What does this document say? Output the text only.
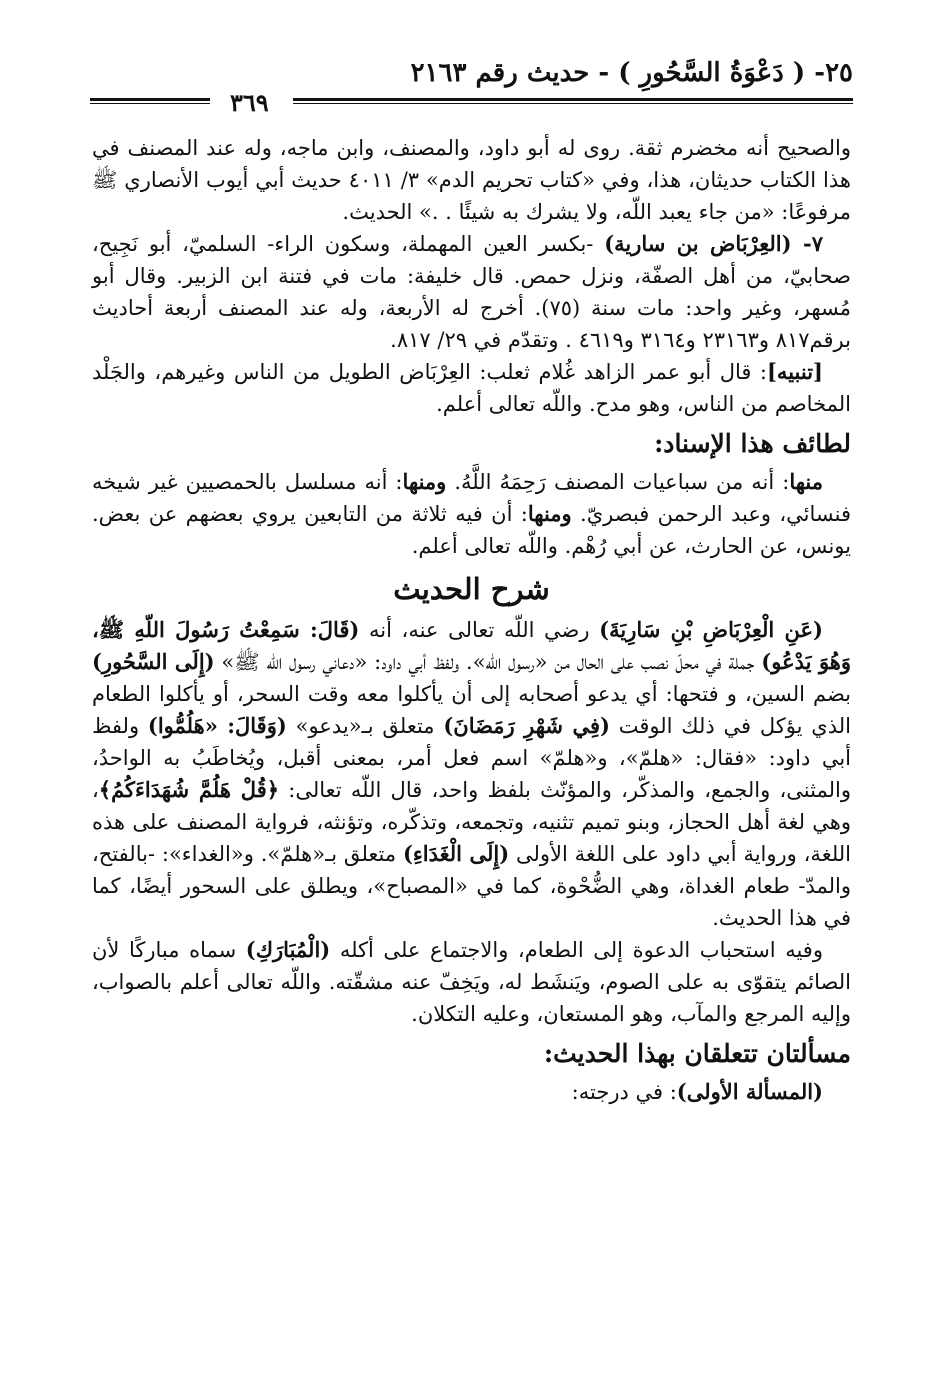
٢٥- ( دَعْوَةُ السَّحُورِ ) - حديث رقم ٢١٦٣
٣٦٩

والصحيح أنه مخضرم ثقة. روى له أبو داود، والمصنف، وابن ماجه، وله عند المصنف في هذا الكتاب حديثان، هذا، وفي «كتاب تحريم الدم» ٣/ ٤٠١١ حديث أبي أيوب الأنصاري ﷺ مرفوعًا: «من جاء يعبد اللّه، ولا يشرك به شيئًا . .» الحديث.

٧- (العِرْبَاض بن سارية) -بكسر العين المهملة، وسكون الراء- السلميّ، أبو نَجِيح، صحابيّ، من أهل الصفّة، ونزل حمص. قال خليفة: مات في فتنة ابن الزبير. وقال أبو مُسهر، وغير واحد: مات سنة (٧٥). أخرج له الأربعة، وله عند المصنف أربعة أحاديث برقم٨١٧ و٢٣١٦٣ و٣١٦٤ و٤٦١٩ . وتقدّم في ٢٩/ ٨١٧.

[تنبيه]: قال أبو عمر الزاهد غُلام ثعلب: العِرْبَاض الطويل من الناس وغيرهم، والجَلْد المخاصم من الناس، وهو مدح. واللّه تعالى أعلم.

لطائف هذا الإسناد:

منها: أنه من سباعيات المصنف رَحِمَهُ اللَّهُ. ومنها: أنه مسلسل بالحمصيين غير شيخه فنسائي، وعبد الرحمن فبصريّ. ومنها: أن فيه ثلاثة من التابعين يروي بعضهم عن بعض. يونس، عن الحارث، عن أبي رُهْم. واللّه تعالى أعلم.

شرح الحديث

(عَنِ الْعِرْبَاضِ بْنِ سَارِيَةَ) رضي اللّه تعالى عنه، أنه (قَالَ: سَمِعْتُ رَسُولَ اللّهِ ﷺ، وَهُوَ يَدْعُو) جملة في محلّ نصب على الحال من «رسول اللّه». ولفظ أبي داود: «دعاني رسول اللّه ﷺ» (إِلَى السَّحُورِ) بضم السين، و فتحها: أي يدعو أصحابه إلى أن يأكلوا معه وقت السحر، أو يأكلوا الطعام الذي يؤكل في ذلك الوقت (فِي شَهْرِ رَمَضَانَ) متعلق بـ«يدعو» (وَقَالَ: «هَلُمُّوا) ولفظ أبي داود: «فقال: «هلمّ»، و«هلمّ» اسم فعل أمر، بمعنى أقبل، ويُخاطَبُ به الواحدُ، والمثنى، والجمع، والمذكّر، والمؤنّث بلفظ واحد، قال اللّه تعالى: ﴿قُلْ هَلُمَّ شُهَدَاءَكُمُ﴾، وهي لغة أهل الحجاز، وبنو تميم تثنيه، وتجمعه، وتذكّره، وتؤنثه، فرواية المصنف على هذه اللغة، ورواية أبي داود على اللغة الأولى (إِلَى الْغَدَاءِ) متعلق بـ«هلمّ». و«الغداء»: -بالفتح، والمدّ- طعام الغداة، وهي الضُّحْوة، كما في «المصباح»، ويطلق على السحور أيضًا، كما في هذا الحديث.

وفيه استحباب الدعوة إلى الطعام، والاجتماع على أكله (الْمُبَارَكِ) سماه مباركًا لأن الصائم يتقوّى به على الصوم، ويَنشَط له، ويَخِفّ عنه مشقّته. واللّه تعالى أعلم بالصواب، وإليه المرجع والمآب، وهو المستعان، وعليه التكلان.

مسألتان تتعلقان بهذا الحديث:

(المسألة الأولى): في درجته:
